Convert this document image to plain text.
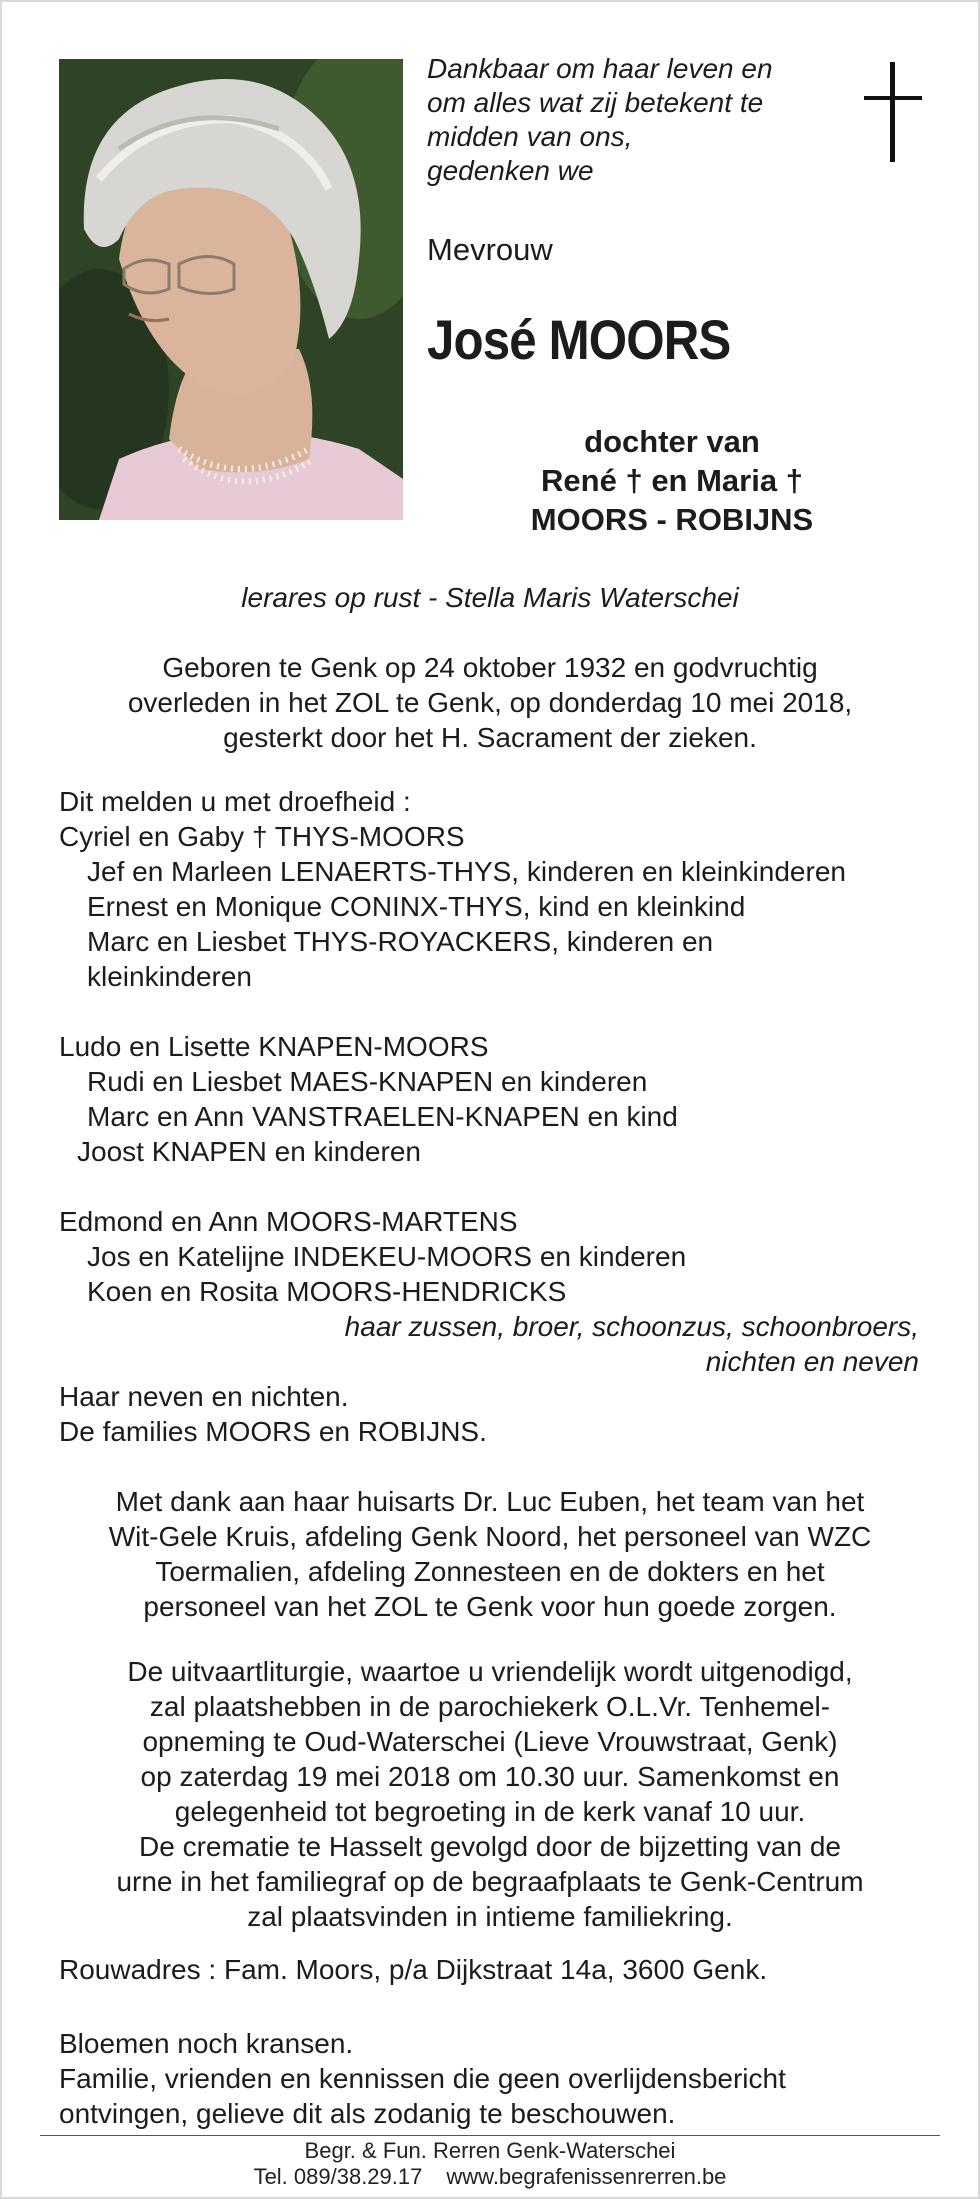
Dankbaar om haar leven en
om alles wat zij betekent te
midden van ons,
gedenken we
Mevrouw
José MOORS
dochter van
René † en Maria †
MOORS - ROBIJNS
lerares op rust - Stella Maris Waterschei
Geboren te Genk op 24 oktober 1932 en godvruchtig
overleden in het ZOL te Genk, op donderdag 10 mei 2018,
gesterkt door het H. Sacrament der zieken.
Dit melden u met droefheid :
Cyriel en Gaby † THYS-MOORS
Jef en Marleen LENAERTS-THYS, kinderen en kleinkinderen
Ernest en Monique CONINX-THYS, kind en kleinkind
Marc en Liesbet THYS-ROYACKERS, kinderen en
kleinkinderen
Ludo en Lisette KNAPEN-MOORS
Rudi en Liesbet MAES-KNAPEN en kinderen
Marc en Ann VANSTRAELEN-KNAPEN en kind
Joost KNAPEN en kinderen
Edmond en Ann MOORS-MARTENS
Jos en Katelijne INDEKEU-MOORS en kinderen
Koen en Rosita MOORS-HENDRICKS
haar zussen, broer, schoonzus, schoonbroers,
nichten en neven
Haar neven en nichten.
De families MOORS en ROBIJNS.
Met dank aan haar huisarts Dr. Luc Euben, het team van het
Wit-Gele Kruis, afdeling Genk Noord, het personeel van WZC
Toermalien, afdeling Zonnesteen en de dokters en het
personeel van het ZOL te Genk voor hun goede zorgen.
De uitvaartliturgie, waartoe u vriendelijk wordt uitgenodigd,
zal plaatshebben in de parochiekerk O.L.Vr. Tenhemel-
opneming te Oud-Waterschei (Lieve Vrouwstraat, Genk)
op zaterdag 19 mei 2018 om 10.30 uur. Samenkomst en
gelegenheid tot begroeting in de kerk vanaf 10 uur.
De crematie te Hasselt gevolgd door de bijzetting van de
urne in het familiegraf op de begraafplaats te Genk-Centrum
zal plaatsvinden in intieme familiekring.
Rouwadres : Fam. Moors, p/a Dijkstraat 14a, 3600 Genk.
Bloemen noch kransen.
Familie, vrienden en kennissen die geen overlijdensbericht
ontvingen, gelieve dit als zodanig te beschouwen.
Begr. & Fun. Rerren Genk-Waterschei
Tel. 089/38.29.17 www.begrafenissenrerren.be
